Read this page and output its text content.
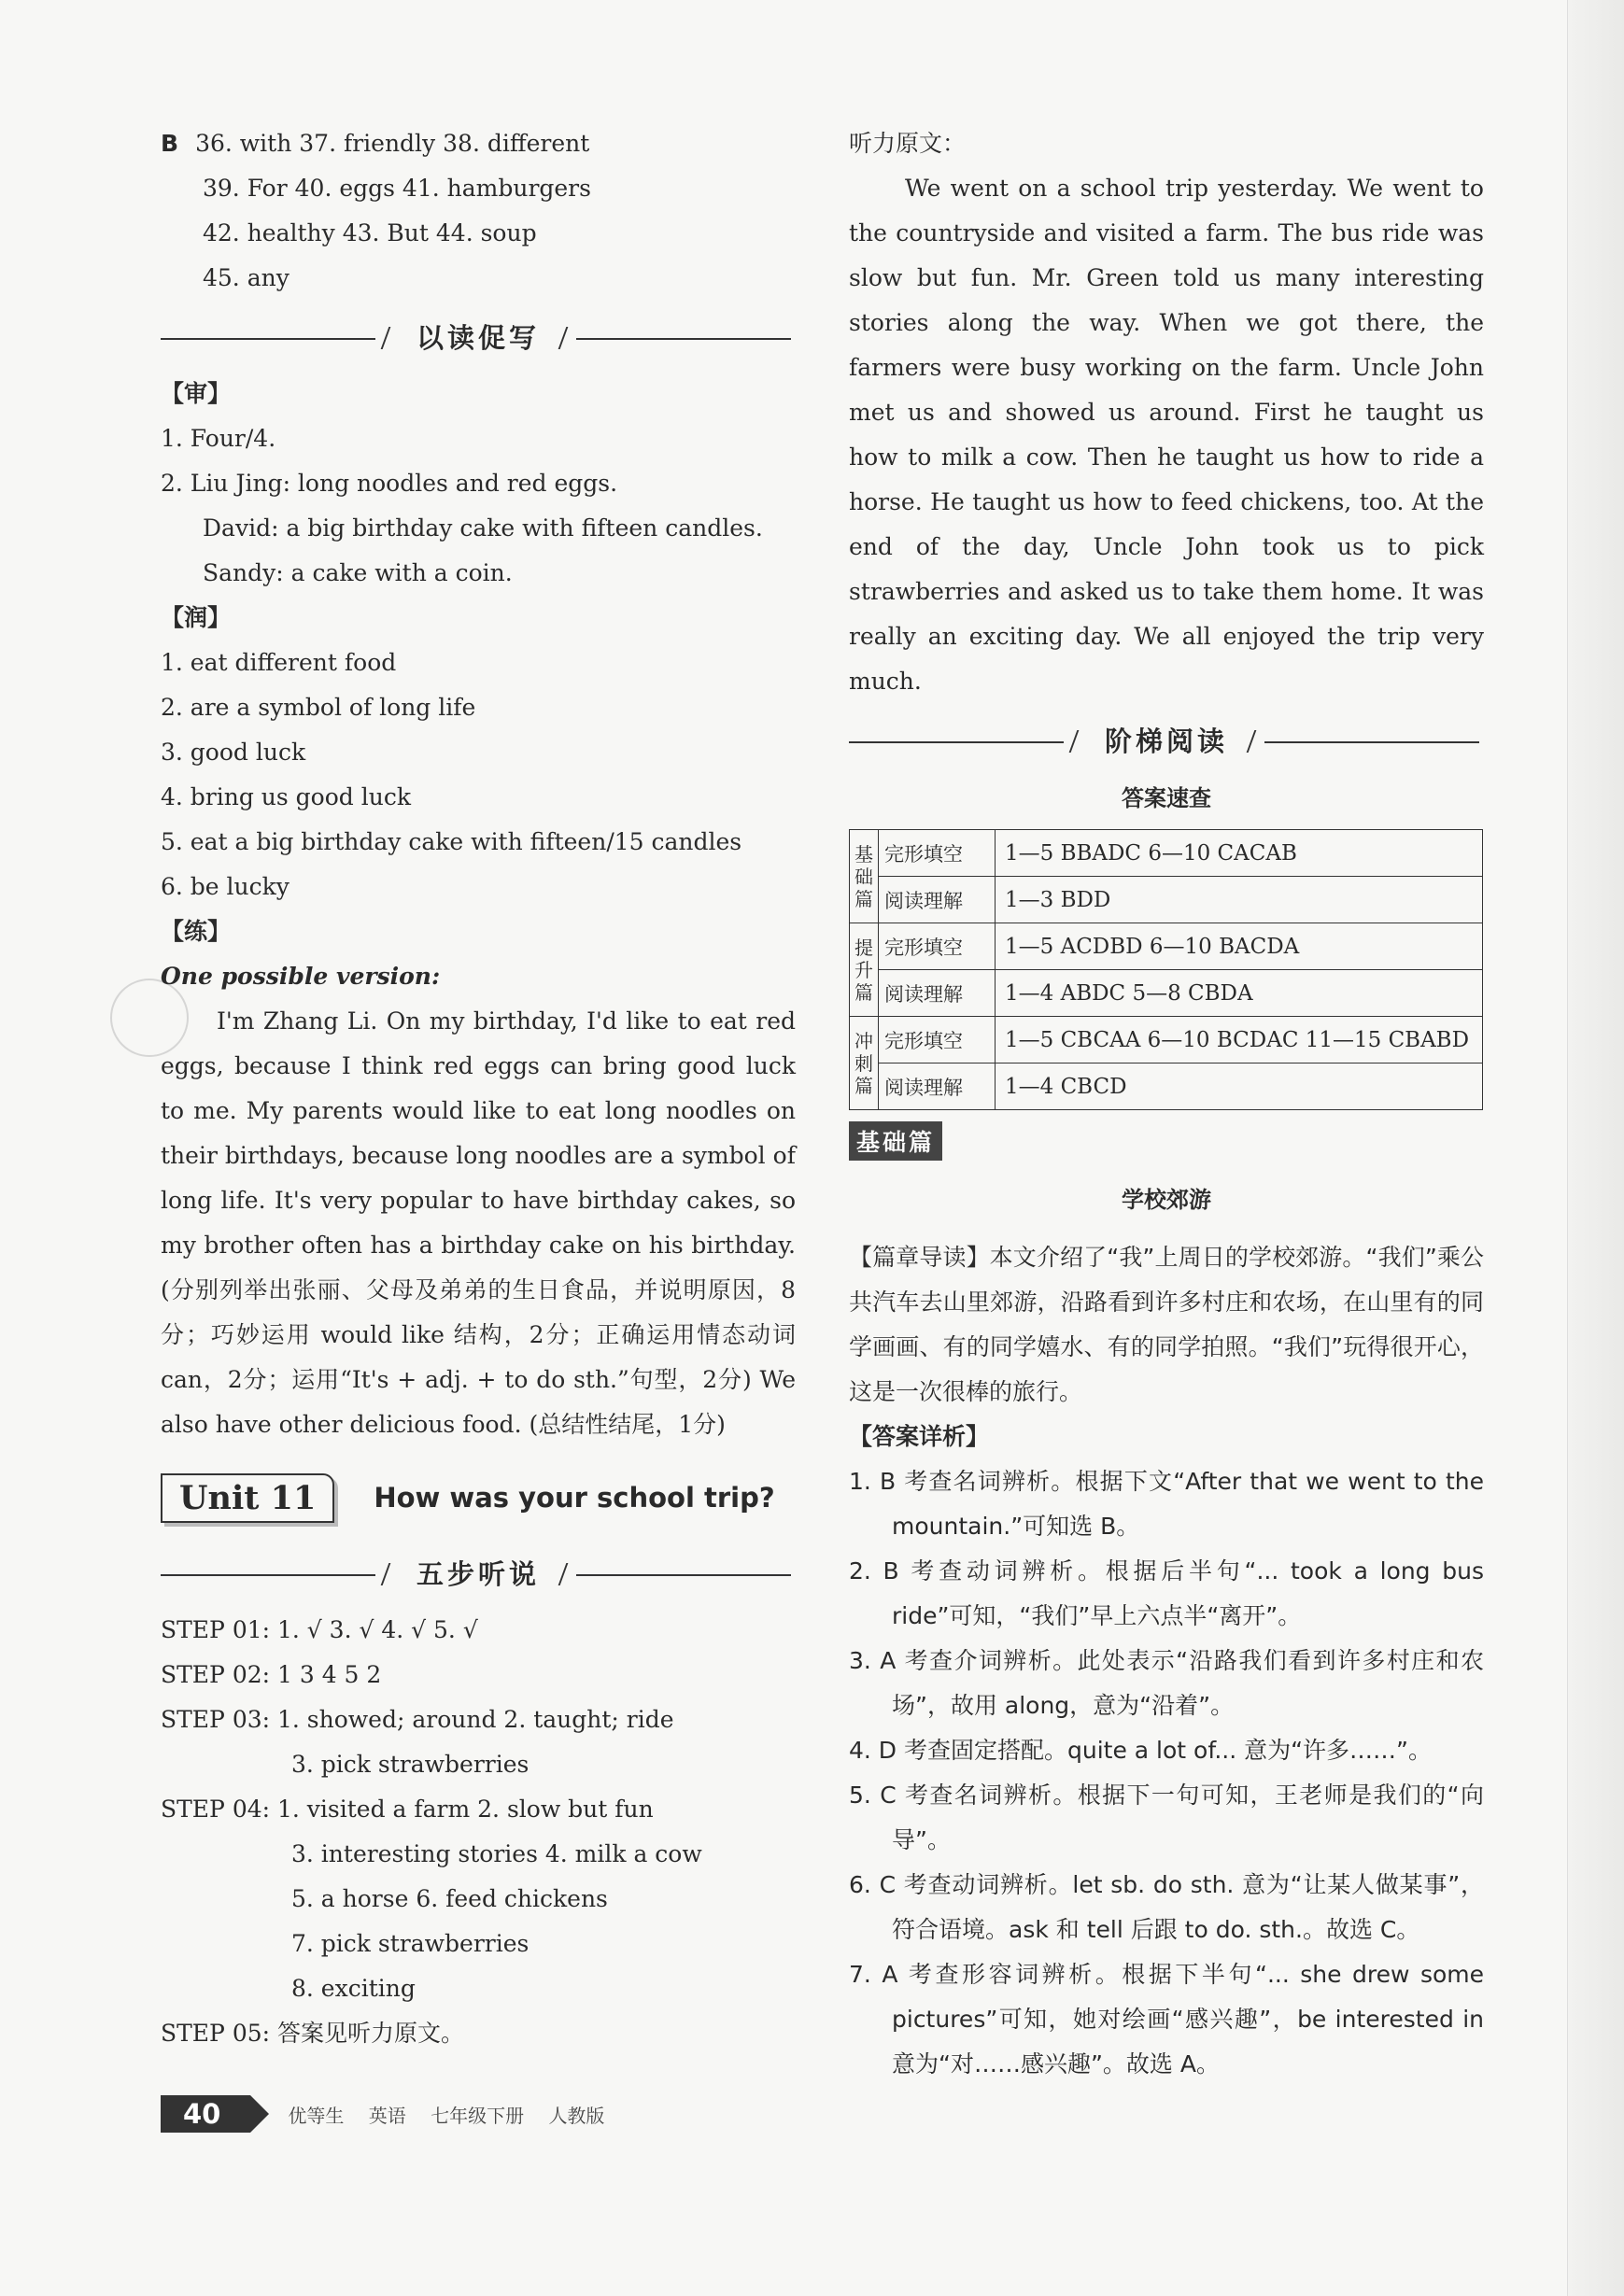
B 36. with 37. friendly 38. different
39. For 40. eggs 41. hamburgers
42. healthy 43. But 44. soup
45. any
以读促写
【审】
1. Four/4.
2. Liu Jing: long noodles and red eggs.
David: a big birthday cake with fifteen candles.
Sandy: a cake with a coin.
【润】
1. eat different food
2. are a symbol of long life
3. good luck
4. bring us good luck
5. eat a big birthday cake with fifteen/15 candles
6. be lucky
【练】
One possible version:

I'm Zhang Li. On my birthday, I'd like to eat red eggs, because I think red eggs can bring good luck to me. My parents would like to eat long noodles on their birthdays, because long noodles are a symbol of long life. It's very popular to have birthday cakes, so my brother often has a birthday cake on his birthday. (分别列举出张丽、父母及弟弟的生日食品，并说明原因，8分；巧妙运用 would like 结构，2分；正确运用情态动词 can，2分；运用“It's + adj. + to do sth.”句型，2分) We also have other delicious food. (总结性结尾，1分)

Unit 11	How was your school trip?
五步听说
STEP 01: 1. √ 3. √ 4. √ 5. √
STEP 02: 1 3 4 5 2
STEP 03: 1. showed; around 2. taught; ride
3. pick strawberries
STEP 04: 1. visited a farm 2. slow but fun
3. interesting stories 4. milk a cow
5. a horse 6. feed chickens
7. pick strawberries
8. exciting
STEP 05: 答案见听力原文。
听力原文：

We went on a school trip yesterday. We went to the countryside and visited a farm. The bus ride was slow but fun. Mr. Green told us many interesting stories along the way. When we got there, the farmers were busy working on the farm. Uncle John met us and showed us around. First he taught us how to milk a cow. Then he taught us how to ride a horse. He taught us how to feed chickens, too. At the end of the day, Uncle John took us to pick strawberries and asked us to take them home. It was really an exciting day. We all enjoyed the trip very much.

阶梯阅读
答案速查
基础篇	完形填空	1—5 BBADC 6—10 CACAB
	阅读理解	1—3 BDD
提升篇	完形填空	1—5 ACDBD 6—10 BACDA
	阅读理解	1—4 ABDC 5—8 CBDA
冲刺篇	完形填空	1—5 CBCAA 6—10 BCDAC 11—15 CBABD
	阅读理解	1—4 CBCD
基础篇
学校郊游

【篇章导读】本文介绍了“我”上周日的学校郊游。“我们”乘公共汽车去山里郊游，沿路看到许多村庄和农场，在山里有的同学画画、有的同学嬉水、有的同学拍照。“我们”玩得很开心，这是一次很棒的旅行。

【答案详析】

1. B 考查名词辨析。根据下文“After that we went to the mountain.”可知选 B。

2. B 考查动词辨析。根据后半句“... took a long bus ride”可知，“我们”早上六点半“离开”。

3. A 考查介词辨析。此处表示“沿路我们看到许多村庄和农场”，故用 along，意为“沿着”。

4. D 考查固定搭配。quite a lot of... 意为“许多……”。

5. C 考查名词辨析。根据下一句可知，王老师是我们的“向导”。

6. C 考查动词辨析。let sb. do sth. 意为“让某人做某事”，符合语境。ask 和 tell 后跟 to do. sth.。故选 C。

7. A 考查形容词辨析。根据下半句“... she drew some pictures”可知，她对绘画“感兴趣”，be interested in 意为“对……感兴趣”。故选 A。

40	优等生 英语 七年级下册 人教版
